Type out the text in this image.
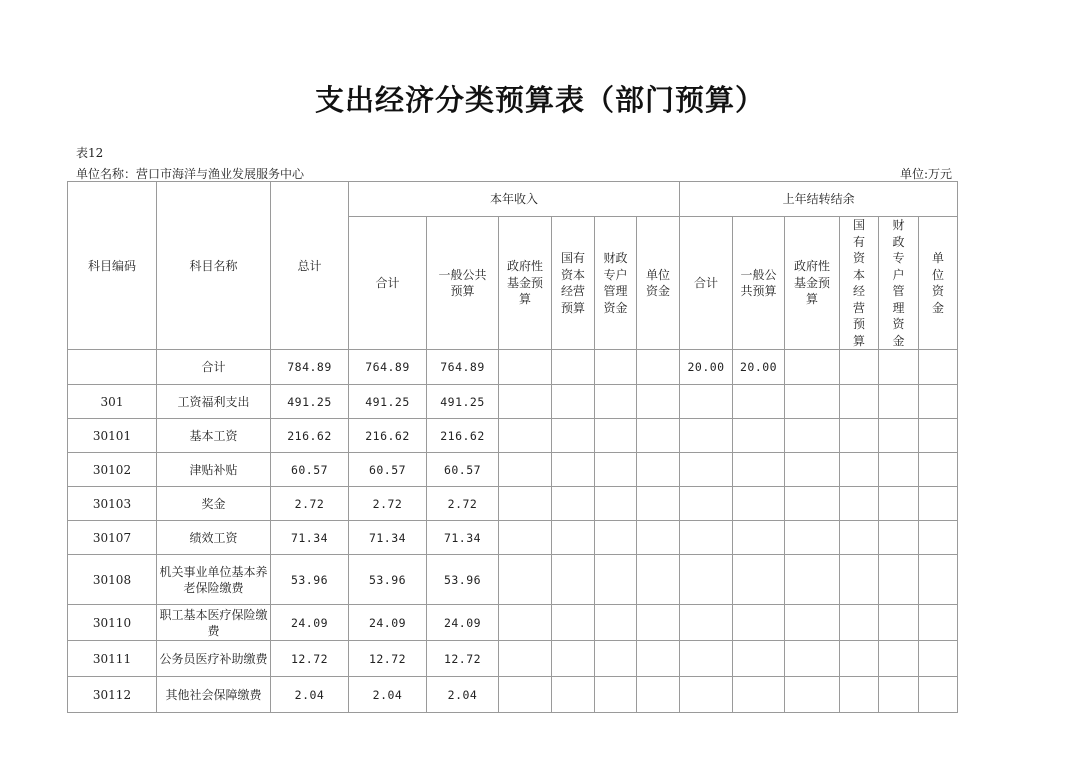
支出经济分类预算表（部门预算）
表12
单位名称：营口市海洋与渔业发展服务中心	单位:万元
科目编码	科目名称	总计	本年收入						上年结转结余					
			合计	一般公共预算	政府性基金预算	国有资本经营预算	财政专户管理资金	单位资金	合计	一般公共预算	政府性基金预算	国有资本经营预算	财政专户管理资金	单位资金

	合计	784.89	764.89	764.89					20.00	20.00				
301	工资福利支出	491.25	491.25	491.25										
30101	基本工资	216.62	216.62	216.62										
30102	津贴补贴	60.57	60.57	60.57										
30103	奖金	2.72	2.72	2.72										
30107	绩效工资	71.34	71.34	71.34										
30108	机关事业单位基本养老保险缴费	53.96	53.96	53.96										
30110	职工基本医疗保险缴费	24.09	24.09	24.09										
30111	公务员医疗补助缴费	12.72	12.72	12.72										
30112	其他社会保障缴费	2.04	2.04	2.04										
